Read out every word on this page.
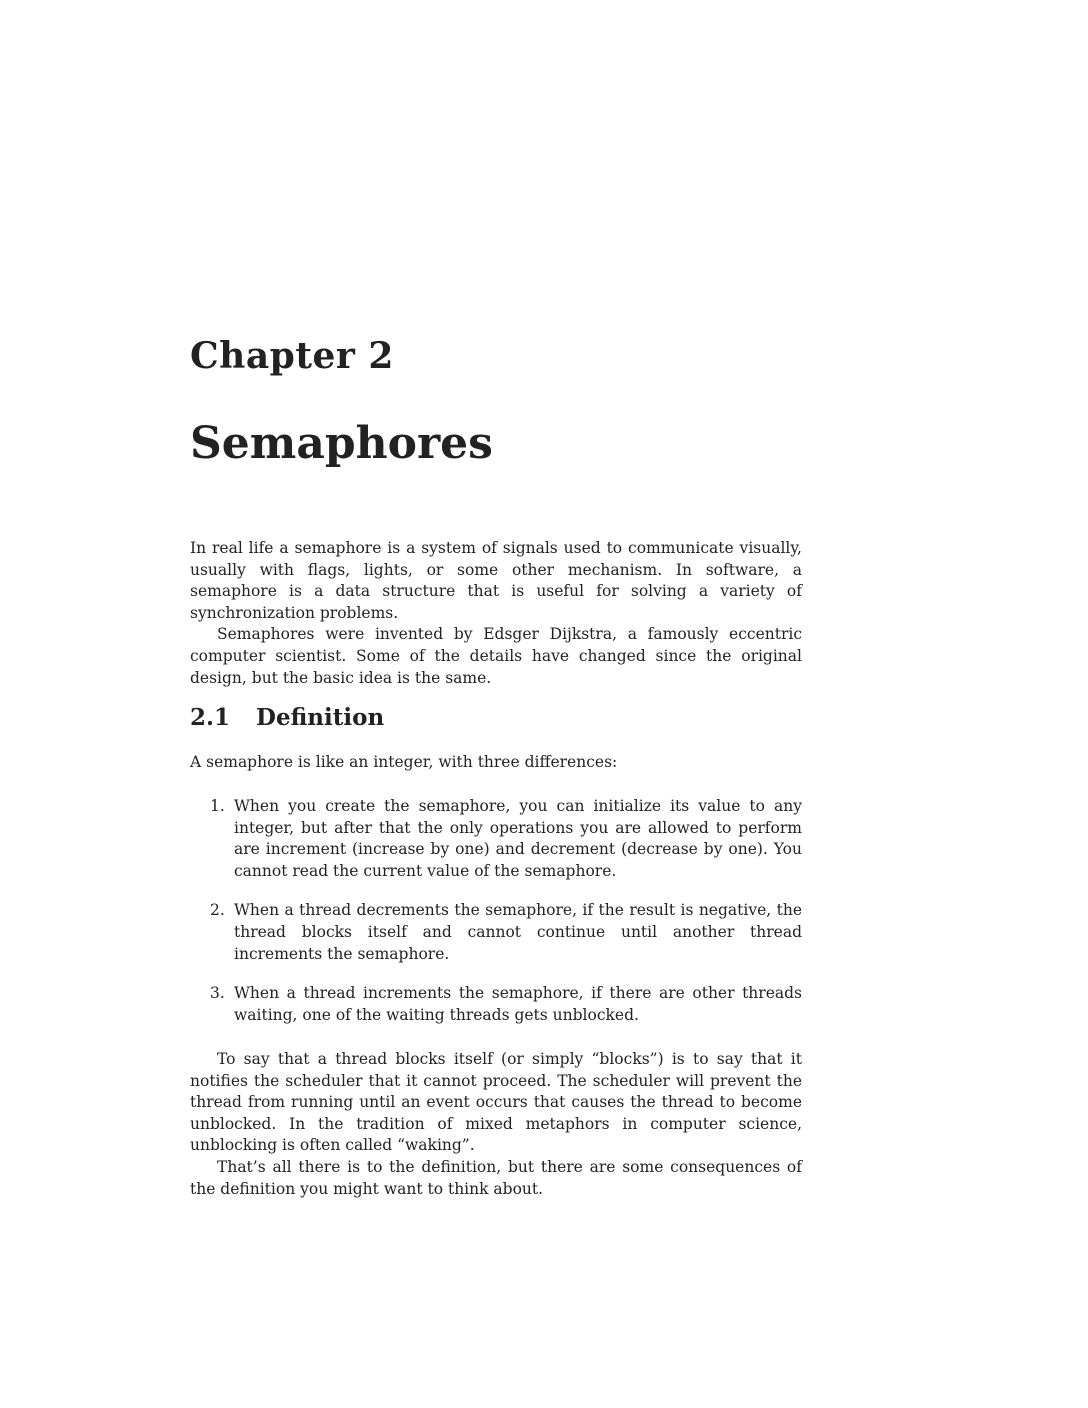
Chapter 2
Semaphores

In real life a semaphore is a system of signals used to communicate visually, usually with flags, lights, or some other mechanism. In software, a semaphore is a data structure that is useful for solving a variety of synchronization problems.

Semaphores were invented by Edsger Dijkstra, a famously eccentric computer scientist. Some of the details have changed since the original design, but the basic idea is the same.

2.1 Definition

A semaphore is like an integer, with three differences:

1. When you create the semaphore, you can initialize its value to any integer, but after that the only operations you are allowed to perform are increment (increase by one) and decrement (decrease by one). You cannot read the current value of the semaphore.
2. When a thread decrements the semaphore, if the result is negative, the thread blocks itself and cannot continue until another thread increments the semaphore.
3. When a thread increments the semaphore, if there are other threads waiting, one of the waiting threads gets unblocked.

To say that a thread blocks itself (or simply “blocks”) is to say that it notifies the scheduler that it cannot proceed. The scheduler will prevent the thread from running until an event occurs that causes the thread to become unblocked. In the tradition of mixed metaphors in computer science, unblocking is often called “waking”.

That’s all there is to the definition, but there are some consequences of the definition you might want to think about.
